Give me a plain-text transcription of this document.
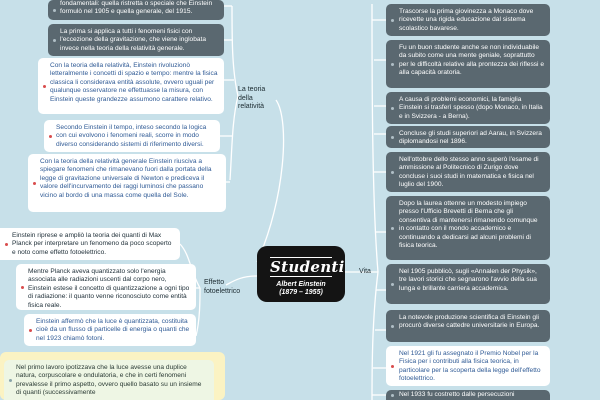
fondamentali: quella ristretta o speciale che Einstein formulò nel 1905 e quella generale, del 1915.
La prima si applica a tutti i fenomeni fisici con l'eccezione della gravitazione, che viene inglobata invece nella teoria della relatività generale.
Con la teoria della relatività, Einstein rivoluzionò letteralmente i concetti di spazio e tempo: mentre la fisica classica li considerava entità assolute, ovvero uguali per qualunque osservatore ne effettuasse la misura, con Einstein queste grandezze assumono carattere relativo.
La teoria della relatività
Secondo Einstein il tempo, inteso secondo la logica con cui evolvono i fenomeni reali, scorre in modo diverso considerando sistemi di riferimento diversi.
Con la teoria della relatività generale Einstein riusciva a spiegare fenomeni che rimanevano fuori dalla portata della legge di gravitazione universale di Newton e prediceva il valore dell'incurvamento dei raggi luminosi che passano vicino al bordo di una massa come quella del Sole.
Einstein riprese e ampliò la teoria dei quanti di Max Planck per interpretare un fenomeno da poco scoperto e noto come effetto fotoelettrico.
Mentre Planck aveva quantizzato solo l'energia associata alle radiazioni uscenti dal corpo nero, Einstein estese il concetto di quantizzazione a ogni tipo di radiazione: il quanto venne riconosciuto come entità fisica reale.
Effetto fotoelettrico
Einstein affermò che la luce è quantizzata, costituita cioè da un flusso di particelle di energia o quanti che nel 1923 chiamò fotoni.
Nel primo lavoro ipotizzava che la luce avesse una duplice natura, corpuscolare e ondulatoria, e che in certi fenomeni prevalesse il primo aspetto, ovvero quello basato su un insieme di quanti (successivamente
Studenti
Albert Einstein
(1879 – 1955)
Vita
Trascorse la prima giovinezza a Monaco dove ricevette una rigida educazione dal sistema scolastico bavarese.
Fu un buon studente anche se non individuabile da subito come una mente geniale, soprattutto per le difficoltà relative alla prontezza dei riflessi e alla capacità oratoria.
A causa di problemi economici, la famiglia Einstein si trasferì spesso (dopo Monaco, in Italia e in Svizzera - a Berna).
Concluse gli studi superiori ad Aarau, in Svizzera diplomandosi nel 1896.
Nell'ottobre dello stesso anno superò l'esame di ammissione al Politecnico di Zurigo dove concluse i suoi studi in matematica e fisica nel luglio del 1900.
Dopo la laurea ottenne un modesto impiego presso l'Ufficio Brevetti di Berna che gli consentiva di mantenersi rimanendo comunque in contatto con il mondo accademico e continuando a dedicarsi ad alcuni problemi di fisica teorica.
Nel 1905 pubblicò, sugli «Annalen der Physik», tre lavori storici che segnarono l'avvio della sua lunga e brillante carriera accademica.
La notevole produzione scientifica di Einstein gli procurò diverse cattedre universitarie in Europa.
Nel 1921 gli fu assegnato il Premio Nobel per la Fisica per i contributi alla fisica teorica, in particolare per la scoperta della legge dell'effetto fotoelettrico.
Nel 1933 fu costretto dalle persecuzioni
